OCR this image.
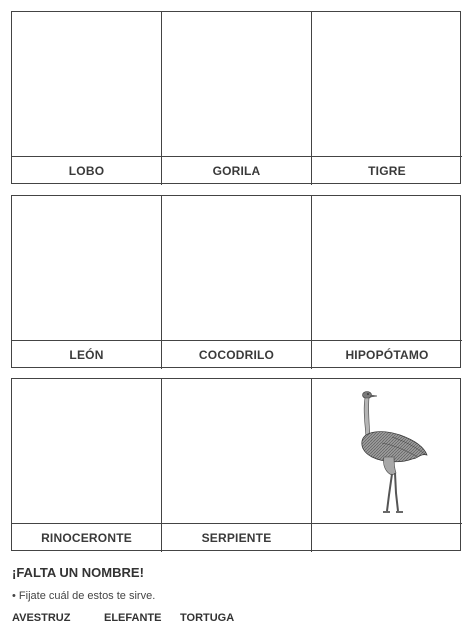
LOBO	GORILA	TIGRE
LEÓN	COCODRILO	HIPOPÓTAMO
RINOCERONTE	SERPIENTE
¡FALTA UN NOMBRE!
• Fijate cuál de estos te sirve.
AVESTRUZ	ELEFANTE	TORTUGA
